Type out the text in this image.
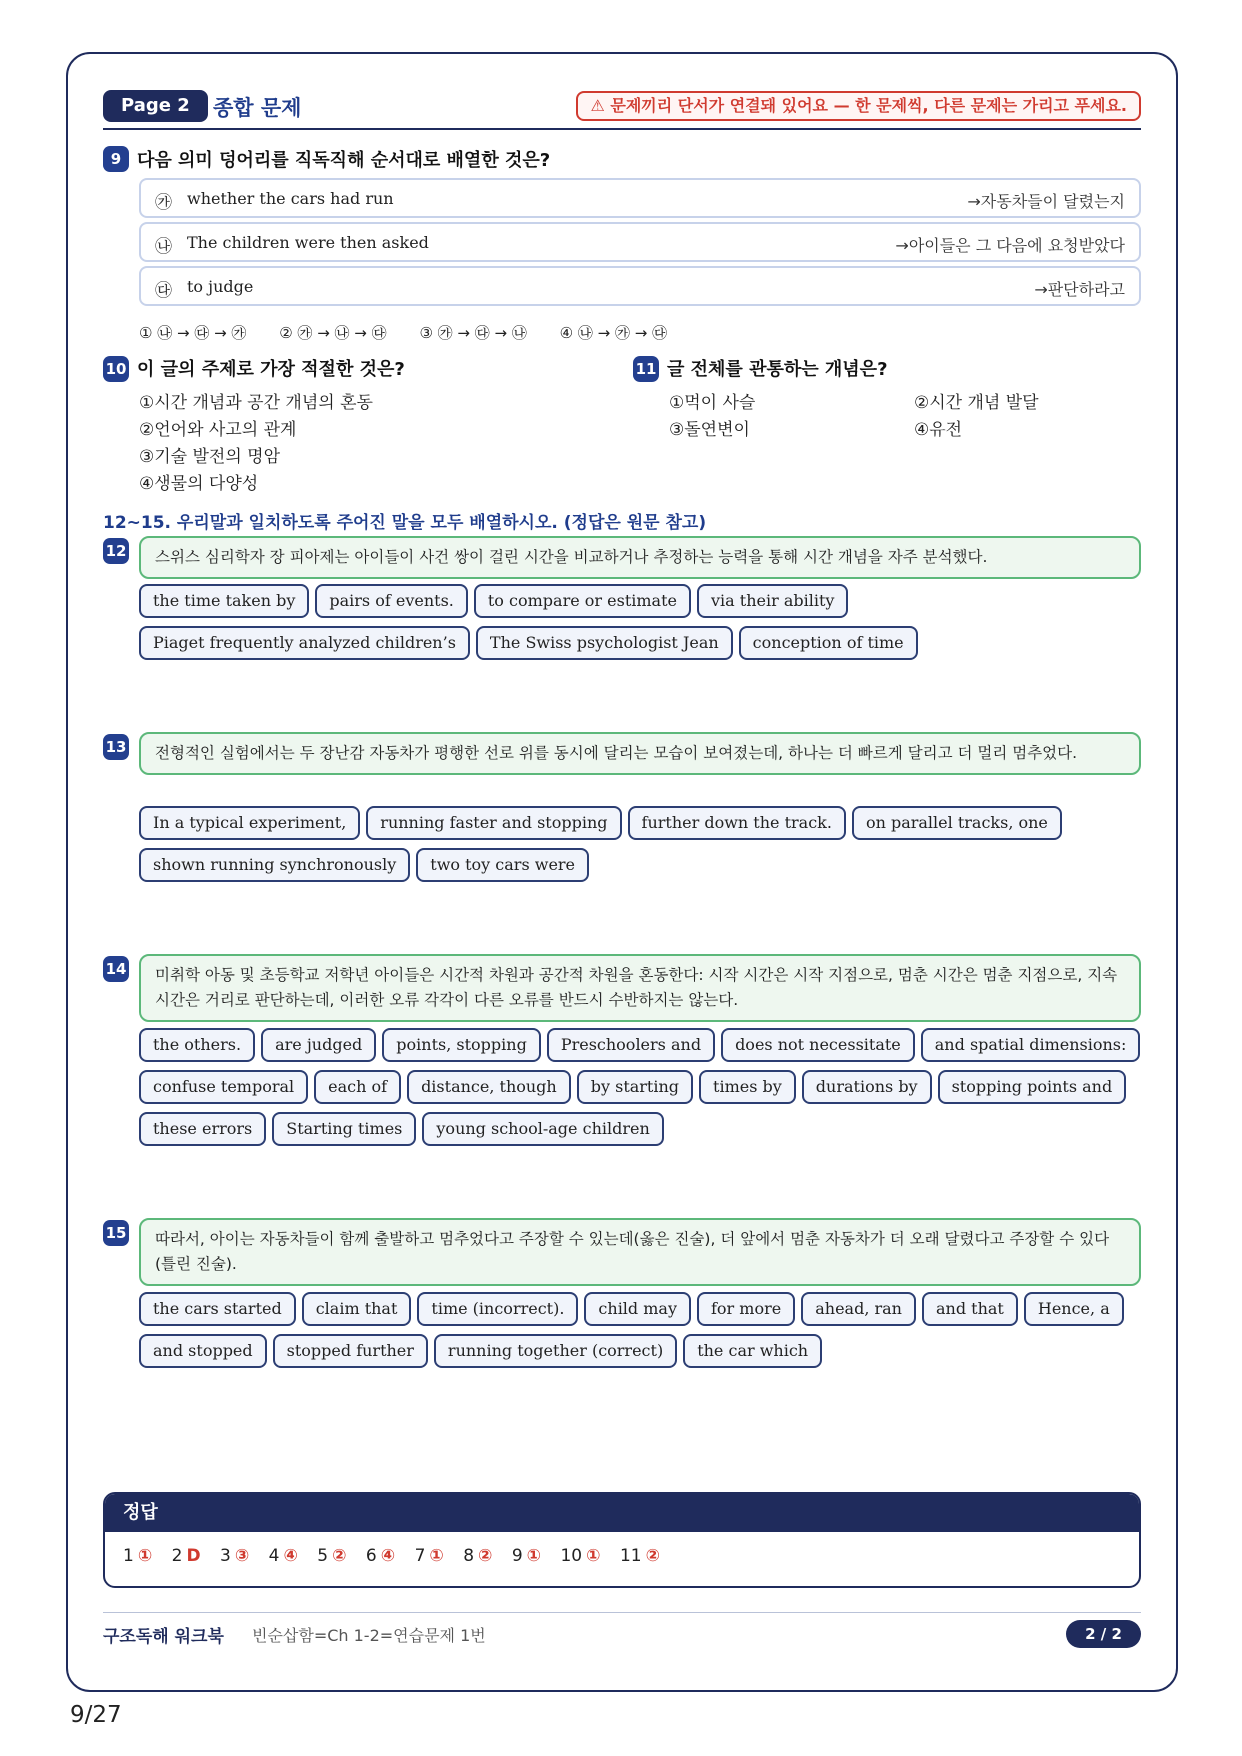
Page 2	종합 문제	⚠ 문제끼리 단서가 연결돼 있어요 — 한 문제씩, 다른 문제는 가리고 푸세요.
9 다음 의미 덩어리를 직독직해 순서대로 배열한 것은?
㉮ whether the cars had run	→자동차들이 달렸는지
㉯ The children were then asked	→아이들은 그 다음에 요청받았다
㉰ to judge	→판단하라고
① ㉯ → ㉰ → ㉮ ② ㉮ → ㉯ → ㉰ ③ ㉮ → ㉰ → ㉯ ④ ㉯ → ㉮ → ㉰
10 이 글의 주제로 가장 적절한 것은?
①시간 개념과 공간 개념의 혼동
②언어와 사고의 관계
③기술 발전의 명암
④생물의 다양성
11 글 전체를 관통하는 개념은?
①먹이 사슬	②시간 개념 발달
③돌연변이	④유전
12~15. 우리말과 일치하도록 주어진 말을 모두 배열하시오. (정답은 원문 참고)
12	스위스 심리학자 장 피아제는 아이들이 사건 쌍이 걸린 시간을 비교하거나 추정하는 능력을 통해 시간 개념을 자주 분석했다.
the time taken by pairs of events. to compare or estimate via their ability
Piaget frequently analyzed children’s The Swiss psychologist Jean conception of time
13	전형적인 실험에서는 두 장난감 자동차가 평행한 선로 위를 동시에 달리는 모습이 보여졌는데, 하나는 더 빠르게 달리고 더 멀리 멈추었다.
In a typical experiment, running faster and stopping further down the track. on parallel tracks, one
shown running synchronously two toy cars were
14	미취학 아동 및 초등학교 저학년 아이들은 시간적 차원과 공간적 차원을 혼동한다: 시작 시간은 시작 지점으로, 멈춘 시간은 멈춘 지점으로, 지속 시간은 거리로 판단하는데, 이러한 오류 각각이 다른 오류를 반드시 수반하지는 않는다.
the others. are judged points, stopping Preschoolers and does not necessitate and spatial dimensions:
confuse temporal each of distance, though by starting times by durations by stopping points and
these errors Starting times young school-age children
15	따라서, 아이는 자동차들이 함께 출발하고 멈추었다고 주장할 수 있는데(옳은 진술), 더 앞에서 멈춘 자동차가 더 오래 달렸다고 주장할 수 있다(틀린 진술).
the cars started claim that time (incorrect). child may for more ahead, ran and that Hence, a
and stopped stopped further running together (correct) the car which
정답
1 ① 2 D 3 ③ 4 ④ 5 ② 6 ④ 7 ① 8 ② 9 ① 10 ① 11 ②
구조독해 워크북 빈순삽함=Ch 1-2=연습문제 1번	2 / 2
9/27
